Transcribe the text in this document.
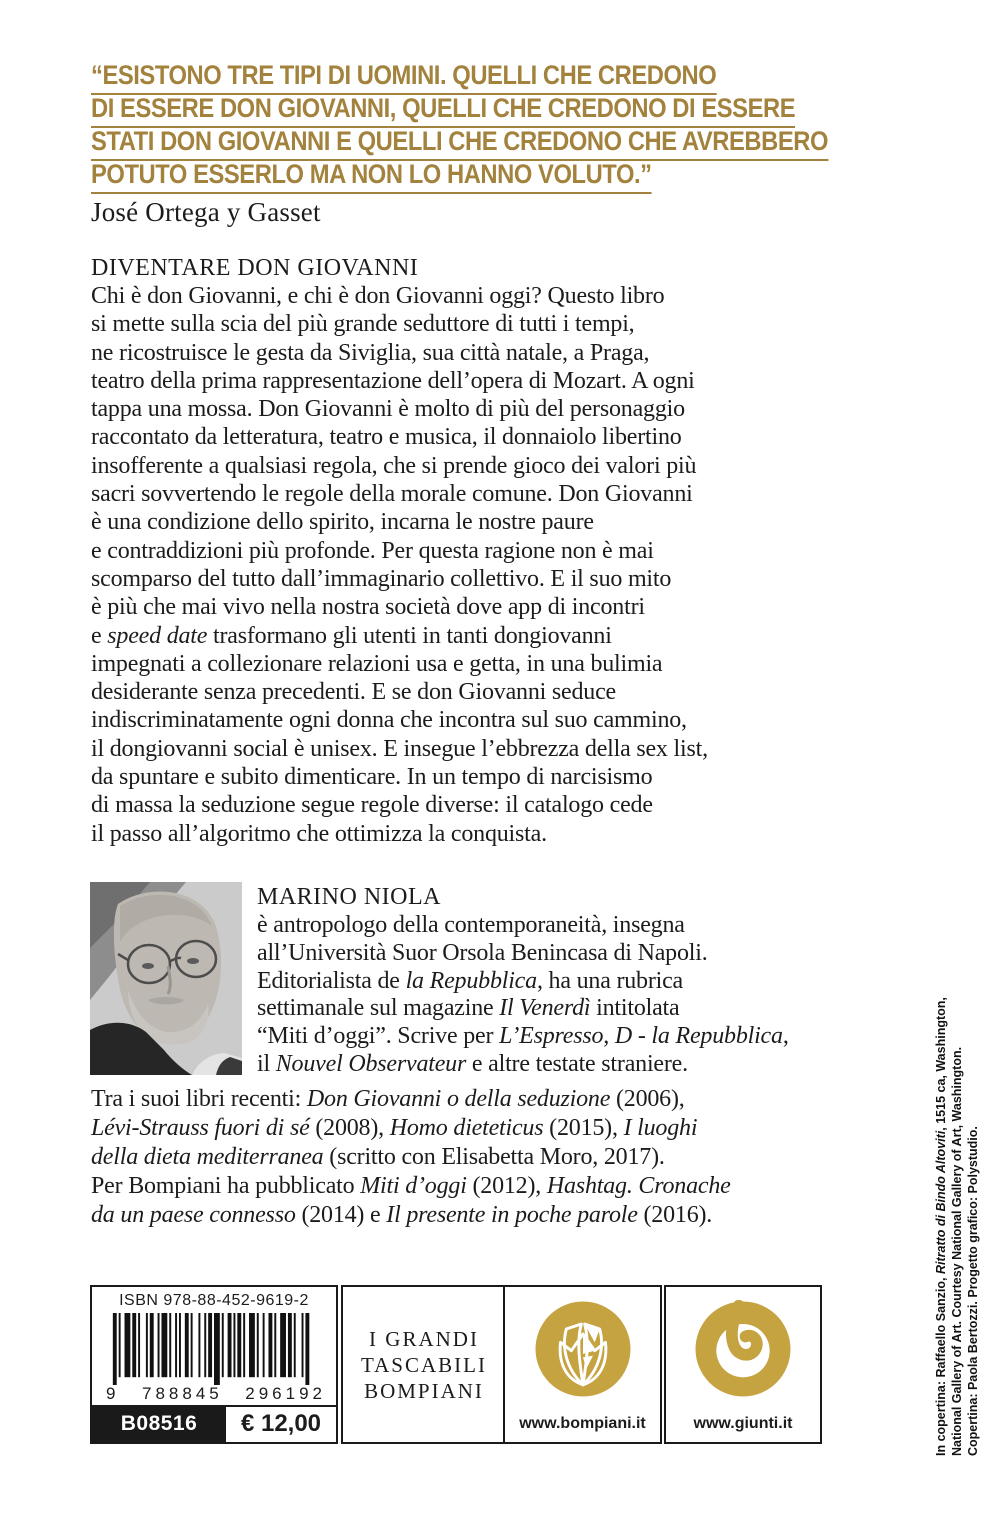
“ESISTONO TRE TIPI DI UOMINI. QUELLI CHE CREDONO
DI ESSERE DON GIOVANNI, QUELLI CHE CREDONO DI ESSERE
STATI DON GIOVANNI E QUELLI CHE CREDONO CHE AVREBBERO
POTUTO ESSERLO MA NON LO HANNO VOLUTO.”
José Ortega y Gasset
DIVENTARE DON GIOVANNI
Chi è don Giovanni, e chi è don Giovanni oggi? Questo libro
si mette sulla scia del più grande seduttore di tutti i tempi,
ne ricostruisce le gesta da Siviglia, sua città natale, a Praga,
teatro della prima rappresentazione dell’opera di Mozart. A ogni
tappa una mossa. Don Giovanni è molto di più del personaggio
raccontato da letteratura, teatro e musica, il donnaiolo libertino
insofferente a qualsiasi regola, che si prende gioco dei valori più
sacri sovvertendo le regole della morale comune. Don Giovanni
è una condizione dello spirito, incarna le nostre paure
e contraddizioni più profonde. Per questa ragione non è mai
scomparso del tutto dall’immaginario collettivo. E il suo mito
è più che mai vivo nella nostra società dove app di incontri
e speed date trasformano gli utenti in tanti dongiovanni
impegnati a collezionare relazioni usa e getta, in una bulimia
desiderante senza precedenti. E se don Giovanni seduce
indiscriminatamente ogni donna che incontra sul suo cammino,
il dongiovanni social è unisex. E insegue l’ebbrezza della sex list,
da spuntare e subito dimenticare. In un tempo di narcisismo
di massa la seduzione segue regole diverse: il catalogo cede
il passo all’algoritmo che ottimizza la conquista.
MARINO NIOLA
è antropologo della contemporaneità, insegna
all’Università Suor Orsola Benincasa di Napoli.
Editorialista de la Repubblica, ha una rubrica
settimanale sul magazine Il Venerdì intitolata
“Miti d’oggi”. Scrive per L’Espresso, D - la Repubblica,
il Nouvel Observateur e altre testate straniere.
Tra i suoi libri recenti: Don Giovanni o della seduzione (2006),
Lévi-Strauss fuori di sé (2008), Homo dieteticus (2015), I luoghi
della dieta mediterranea (scritto con Elisabetta Moro, 2017).
Per Bompiani ha pubblicato Miti d’oggi (2012), Hashtag. Cronache
da un paese connesso (2014) e Il presente in poche parole (2016).
ISBN 978-88-452-9619-2
9 788845 296192
B08516	€ 12,00
I GRANDI
TASCABILI
BOMPIANI
www.bompiani.it	www.giunti.it	In copertina: Raffaello Sanzio, Ritratto di Bindo Altoviti, 1515 ca, Washington, National Gallery of Art. Courtesy National Gallery of Art, Washington. Copertina: Paola Bertozzi. Progetto grafico: Polystudio.
